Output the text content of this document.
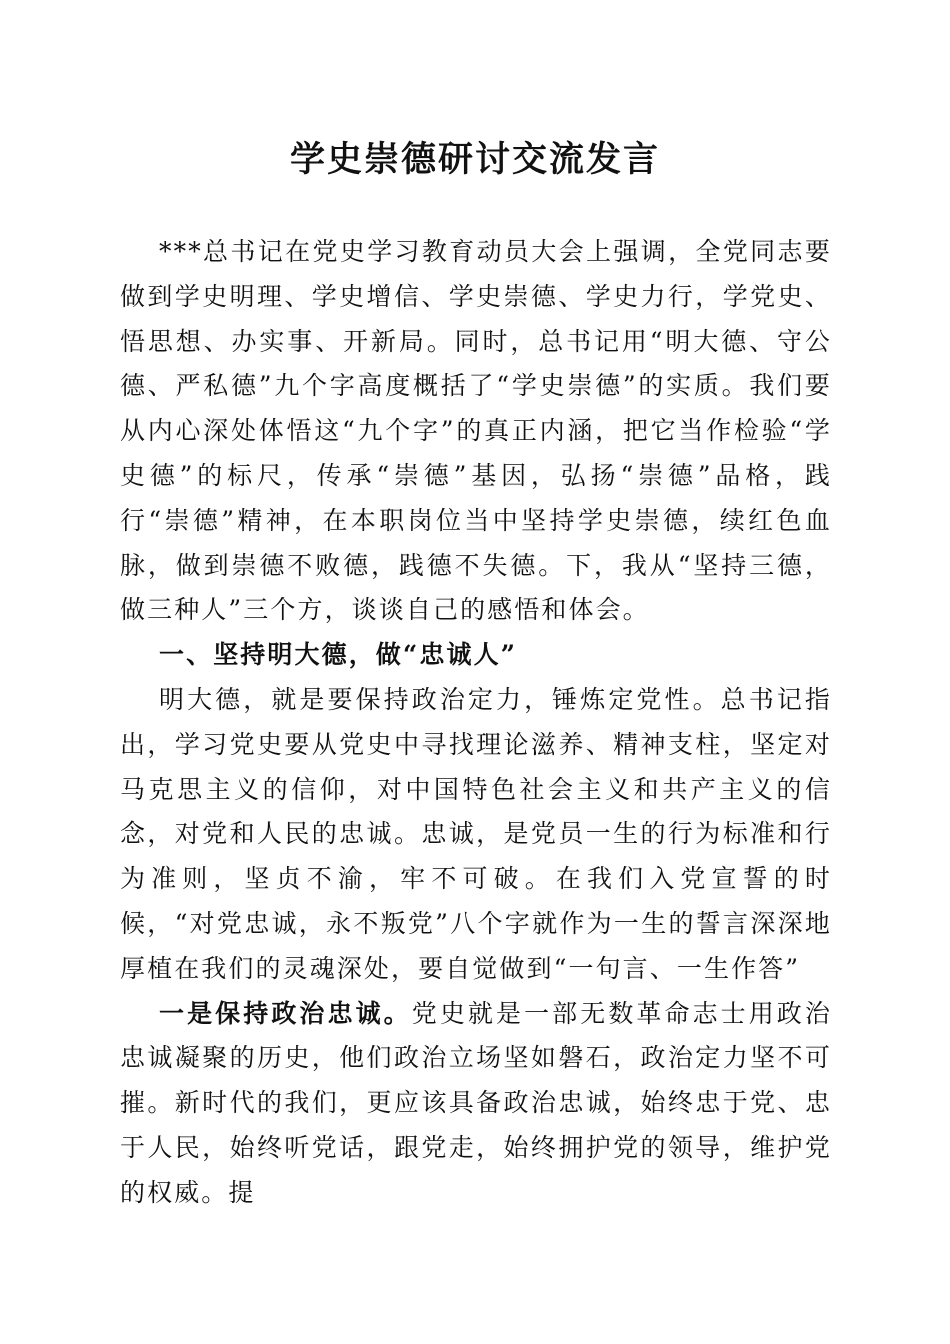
学史崇德研讨交流发言

***总书记在党史学习教育动员大会上强调，全党同志要做到学史明理、学史增信、学史崇德、学史力行，学党史、悟思想、办实事、开新局。同时，总书记用“明大德、守公德、严私德”九个字高度概括了“学史崇德”的实质。我们要从内心深处体悟这“九个字”的真正内涵，把它当作检验“学史德”的标尺，传承“崇德”基因，弘扬“崇德”品格，践行“崇德”精神，在本职岗位当中坚持学史崇德，续红色血脉，做到崇德不败德，践德不失德。下，我从“坚持三德，做三种人”三个方，谈谈自己的感悟和体会。

一、坚持明大德，做“忠诚人”

明大德，就是要保持政治定力，锤炼定党性。总书记指出，学习党史要从党史中寻找理论滋养、精神支柱，坚定对马克思主义的信仰，对中国特色社会主义和共产主义的信念，对党和人民的忠诚。忠诚，是党员一生的行为标准和行为准则，坚贞不渝，牢不可破。在我们入党宣誓的时候，“对党忠诚，永不叛党”八个字就作为一生的誓言深深地厚植在我们的灵魂深处，要自觉做到“一句言、一生作答”

一是保持政治忠诚。党史就是一部无数革命志士用政治忠诚凝聚的历史，他们政治立场坚如磐石，政治定力坚不可摧。新时代的我们，更应该具备政治忠诚，始终忠于党、忠于人民，始终听党话，跟党走，始终拥护党的领导，维护党的权威。提
